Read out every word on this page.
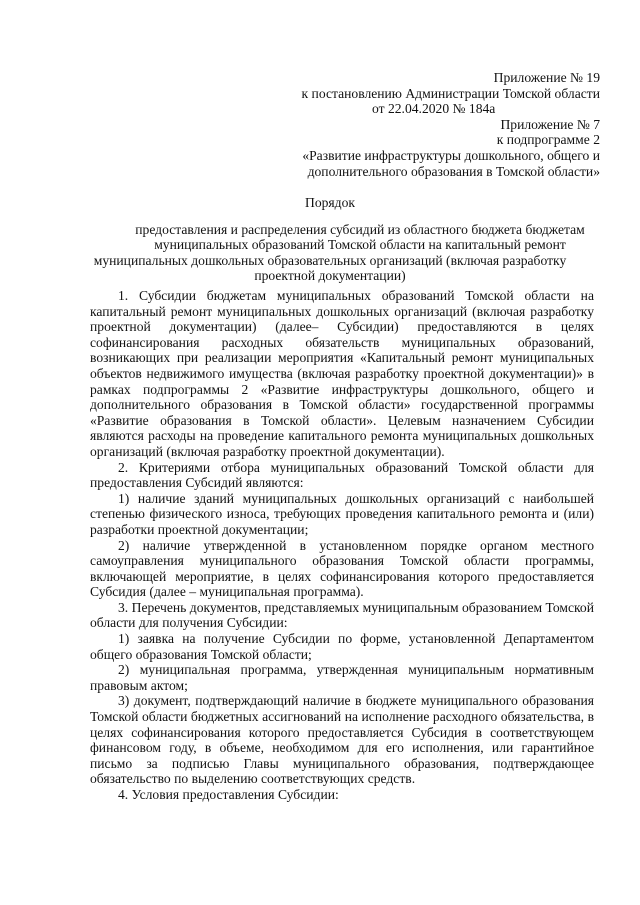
Приложение № 19
к постановлению Администрации Томской области
от 22.04.2020 № 184а
Приложение № 7
к подпрограмме 2
«Развитие инфраструктуры дошкольного, общего и
дополнительного образования в Томской области»
Порядок
предоставления и распределения субсидий из областного бюджета бюджетам
муниципальных образований Томской области на капитальный ремонт
муниципальных дошкольных образовательных организаций (включая разработку
проектной документации)

1. Субсидии бюджетам муниципальных образований Томской области на капитальный ремонт муниципальных дошкольных организаций (включая разработку проектной документации) (далее– Субсидии) предоставляются в целях софинансирования расходных обязательств муниципальных образований, возникающих при реализации мероприятия «Капитальный ремонт муниципальных объектов недвижимого имущества (включая разработку проектной документации)» в рамках подпрограммы 2 «Развитие инфраструктуры дошкольного, общего и дополнительного образования в Томской области» государственной программы «Развитие образования в Томской области». Целевым назначением Субсидии являются расходы на проведение капитального ремонта муниципальных дошкольных организаций (включая разработку проектной документации).

2. Критериями отбора муниципальных образований Томской области для предоставления Субсидий являются:

1) наличие зданий муниципальных дошкольных организаций с наибольшей степенью физического износа, требующих проведения капитального ремонта и (или) разработки проектной документации;

2) наличие утвержденной в установленном порядке органом местного самоуправления муниципального образования Томской области программы, включающей мероприятие, в целях софинансирования которого предоставляется Субсидия (далее – муниципальная программа).

3. Перечень документов, представляемых муниципальным образованием Томской области для получения Субсидии:

1) заявка на получение Субсидии по форме, установленной Департаментом общего образования Томской области;

2) муниципальная программа, утвержденная муниципальным нормативным правовым актом;

3) документ, подтверждающий наличие в бюджете муниципального образования Томской области бюджетных ассигнований на исполнение расходного обязательства, в целях софинансирования которого предоставляется Субсидия в соответствующем финансовом году, в объеме, необходимом для его исполнения, или гарантийное письмо за подписью Главы муниципального образования, подтверждающее обязательство по выделению соответствующих средств.

4. Условия предоставления Субсидии:
